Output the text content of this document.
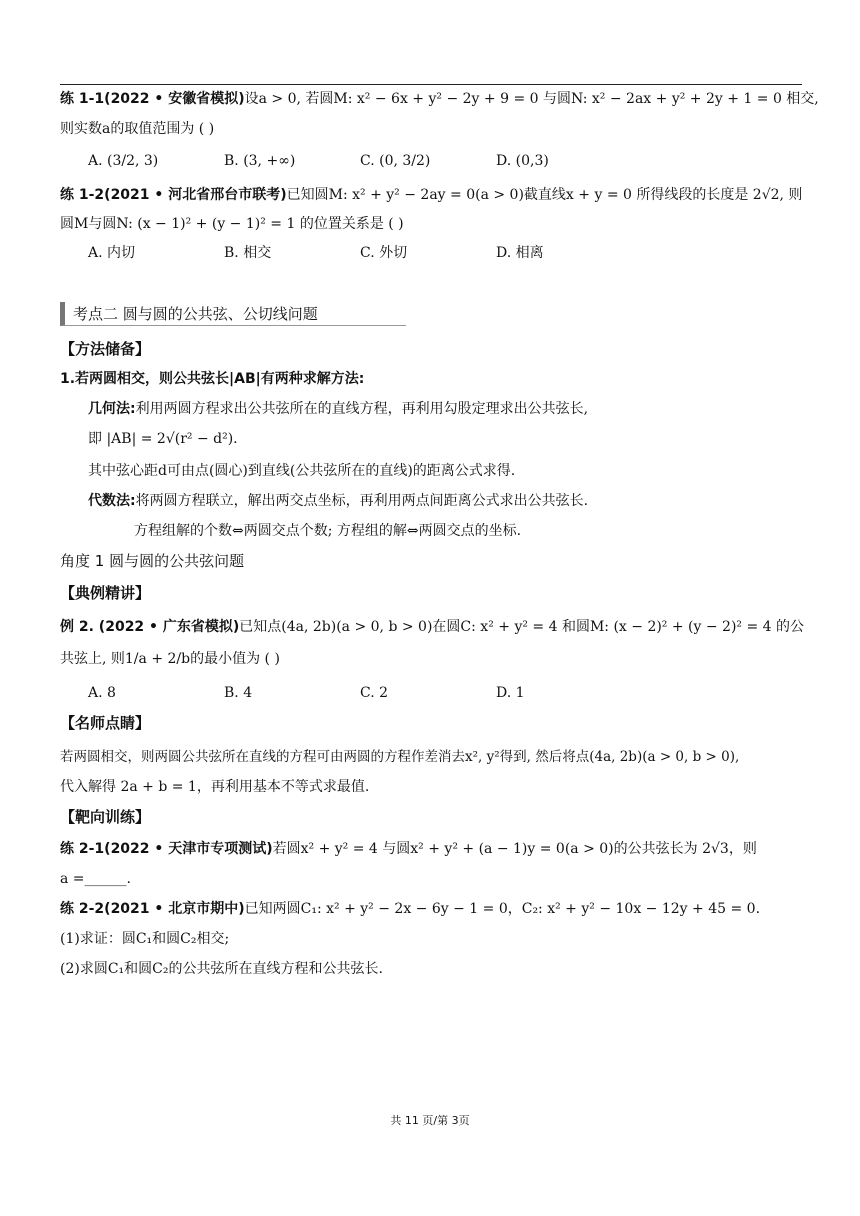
练 1-1(2022 • 安徽省模拟)设a > 0, 若圆M: x² − 6x + y² − 2y + 9 = 0 与圆N: x² − 2ax + y² + 2y + 1 = 0 相交,
则实数a的取值范围为 ( )
A. (3/2, 3)	B. (3, +∞)	C. (0, 3/2)	D. (0,3)
练 1-2(2021 • 河北省邢台市联考)已知圆M: x² + y² − 2ay = 0(a > 0)截直线x + y = 0 所得线段的长度是 2√2, 则
圆M与圆N: (x − 1)² + (y − 1)² = 1 的位置关系是 ( )
A. 内切	B. 相交	C. 外切	D. 相离
考点二 圆与圆的公共弦、公切线问题
【方法储备】
1.若两圆相交，则公共弦长|AB|有两种求解方法:
几何法:利用两圆方程求出公共弦所在的直线方程，再利用勾股定理求出公共弦长,
即 |AB| = 2√(r² − d²).
其中弦心距d可由点(圆心)到直线(公共弦所在的直线)的距离公式求得.
代数法:将两圆方程联立，解出两交点坐标，再利用两点间距离公式求出公共弦长.
方程组解的个数⇔两圆交点个数; 方程组的解⇔两圆交点的坐标.
角度 1 圆与圆的公共弦问题
【典例精讲】
例 2. (2022 • 广东省模拟)已知点(4a, 2b)(a > 0, b > 0)在圆C: x² + y² = 4 和圆M: (x − 2)² + (y − 2)² = 4 的公
共弦上, 则1/a + 2/b的最小值为 ( )
A. 8	B. 4	C. 2	D. 1
【名师点睛】
若两圆相交，则两圆公共弦所在直线的方程可由两圆的方程作差消去x², y²得到, 然后将点(4a, 2b)(a > 0, b > 0),
代入解得 2a + b = 1，再利用基本不等式求最值.
【靶向训练】
练 2-1(2022 • 天津市专项测试)若圆x² + y² = 4 与圆x² + y² + (a − 1)y = 0(a > 0)的公共弦长为 2√3，则
a =______.
练 2-2(2021 • 北京市期中)已知两圆C₁: x² + y² − 2x − 6y − 1 = 0，C₂: x² + y² − 10x − 12y + 45 = 0.
(1)求证：圆C₁和圆C₂相交;
(2)求圆C₁和圆C₂的公共弦所在直线方程和公共弦长.
共 11 页/第 3页
